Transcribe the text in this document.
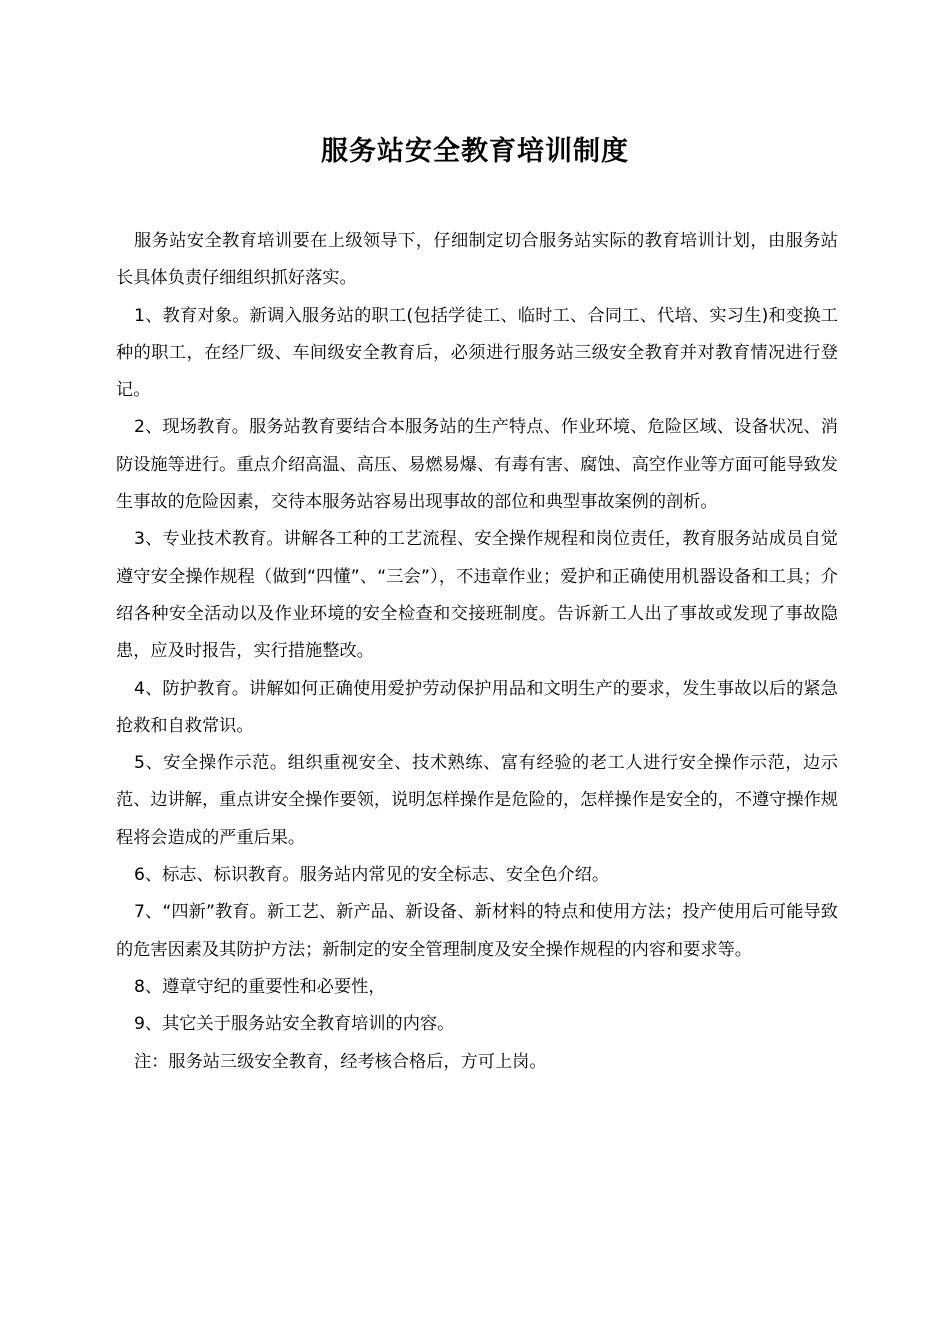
服务站安全教育培训制度

服务站安全教育培训要在上级领导下，仔细制定切合服务站实际的教育培训计划，由服务站长具体负责仔细组织抓好落实。

1、教育对象。新调入服务站的职工(包括学徒工、临时工、合同工、代培、实习生)和变换工种的职工，在经厂级、车间级安全教育后，必须进行服务站三级安全教育并对教育情况进行登记。

2、现场教育。服务站教育要结合本服务站的生产特点、作业环境、危险区域、设备状况、消防设施等进行。重点介绍高温、高压、易燃易爆、有毒有害、腐蚀、高空作业等方面可能导致发生事故的危险因素，交待本服务站容易出现事故的部位和典型事故案例的剖析。

3、专业技术教育。讲解各工种的工艺流程、安全操作规程和岗位责任，教育服务站成员自觉遵守安全操作规程（做到“四懂”、“三会”），不违章作业；爱护和正确使用机器设备和工具；介绍各种安全活动以及作业环境的安全检查和交接班制度。告诉新工人出了事故或发现了事故隐患，应及时报告，实行措施整改。

4、防护教育。讲解如何正确使用爱护劳动保护用品和文明生产的要求，发生事故以后的紧急抢救和自救常识。

5、安全操作示范。组织重视安全、技术熟练、富有经验的老工人进行安全操作示范，边示范、边讲解，重点讲安全操作要领，说明怎样操作是危险的，怎样操作是安全的，不遵守操作规程将会造成的严重后果。

6、标志、标识教育。服务站内常见的安全标志、安全色介绍。

7、“四新”教育。新工艺、新产品、新设备、新材料的特点和使用方法；投产使用后可能导致的危害因素及其防护方法；新制定的安全管理制度及安全操作规程的内容和要求等。

8、遵章守纪的重要性和必要性，

9、其它关于服务站安全教育培训的内容。

注：服务站三级安全教育，经考核合格后，方可上岗。
